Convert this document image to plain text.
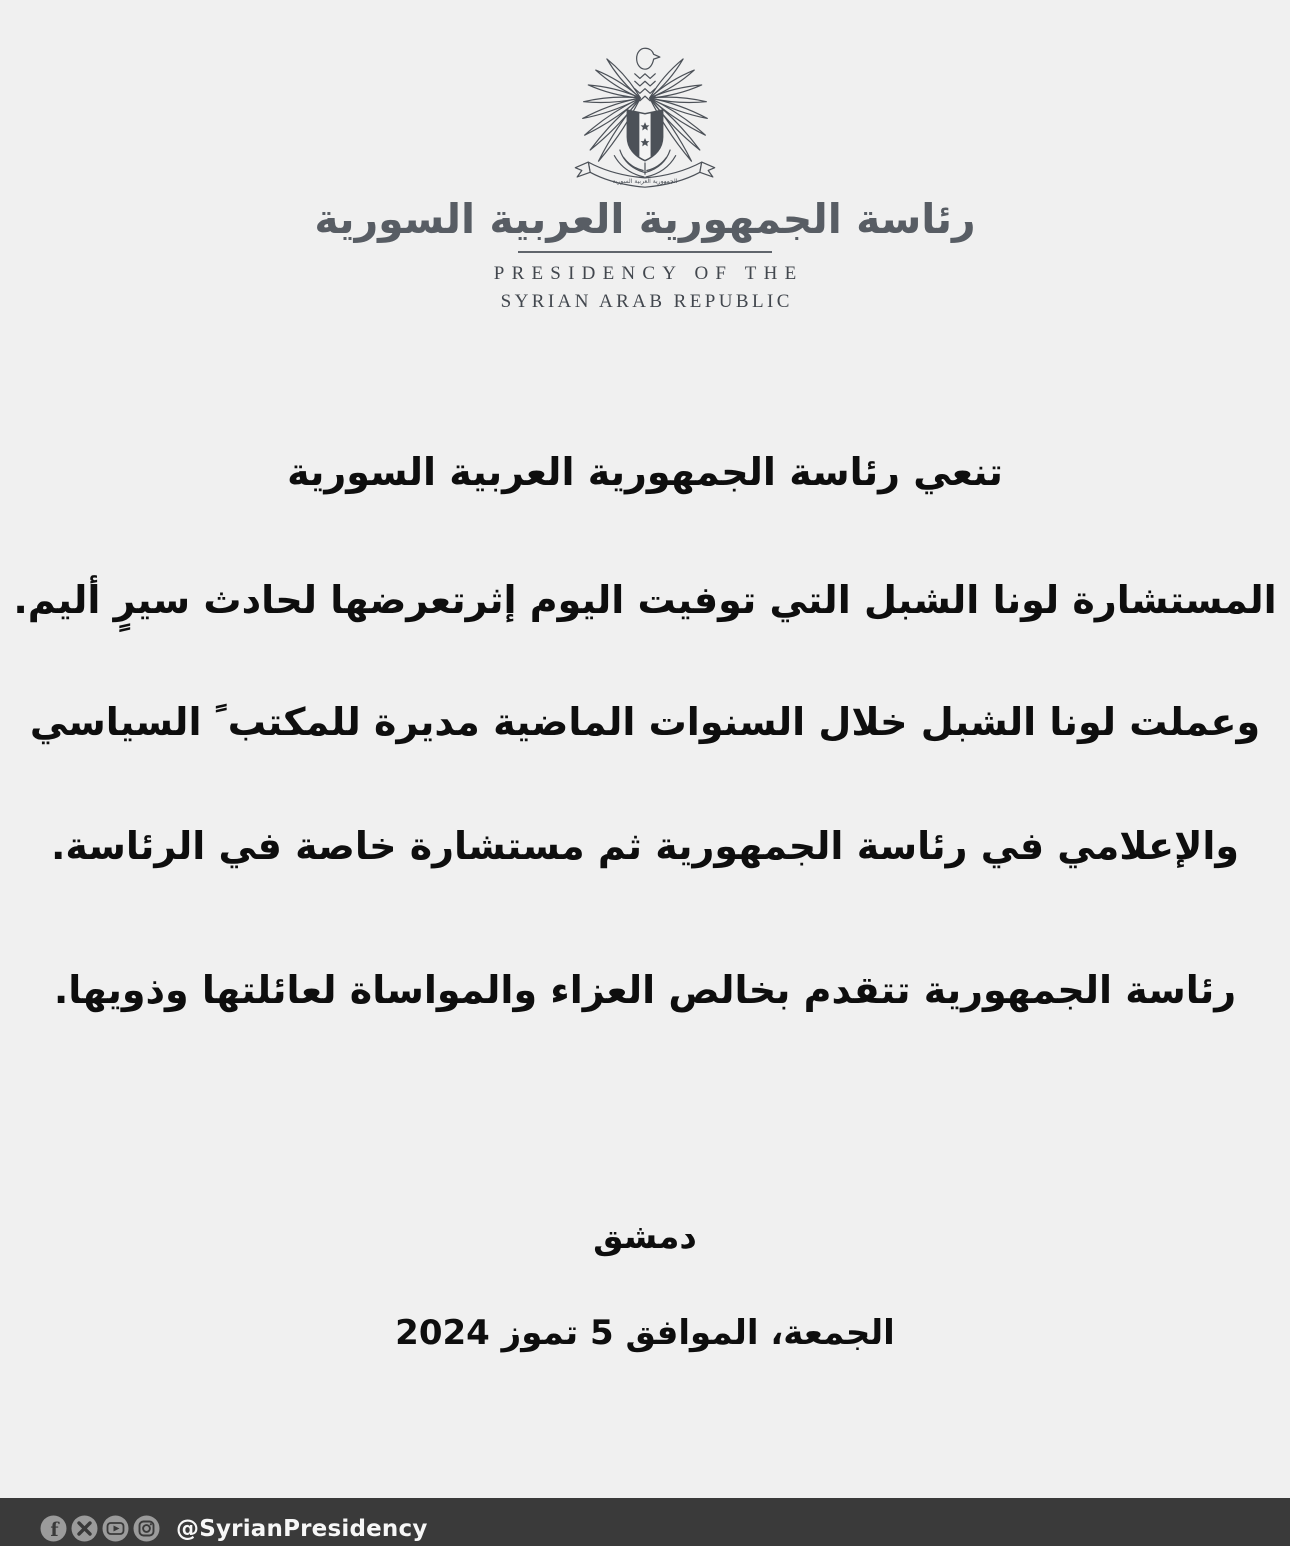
الجمهورية العربية السورية
رئاسة الجمهورية العربية السورية
PRESIDENCY OF THE
SYRIAN ARAB REPUBLIC

تنعي رئاسة الجمهورية العربية السورية

المستشارة لونا الشبل التي توفيت اليوم إثرتعرضها لحادث سيرٍ أليم.

وعملت لونا الشبل خلال السنوات الماضية مديرة للمكتب ً السياسي

والإعلامي في رئاسة الجمهورية ثم مستشارة خاصة في الرئاسة.

رئاسة الجمهورية تتقدم بخالص العزاء والمواساة لعائلتها وذويها.

دمشق

الجمعة، الموافق 5 تموز 2024

f	@SyrianPresidency
